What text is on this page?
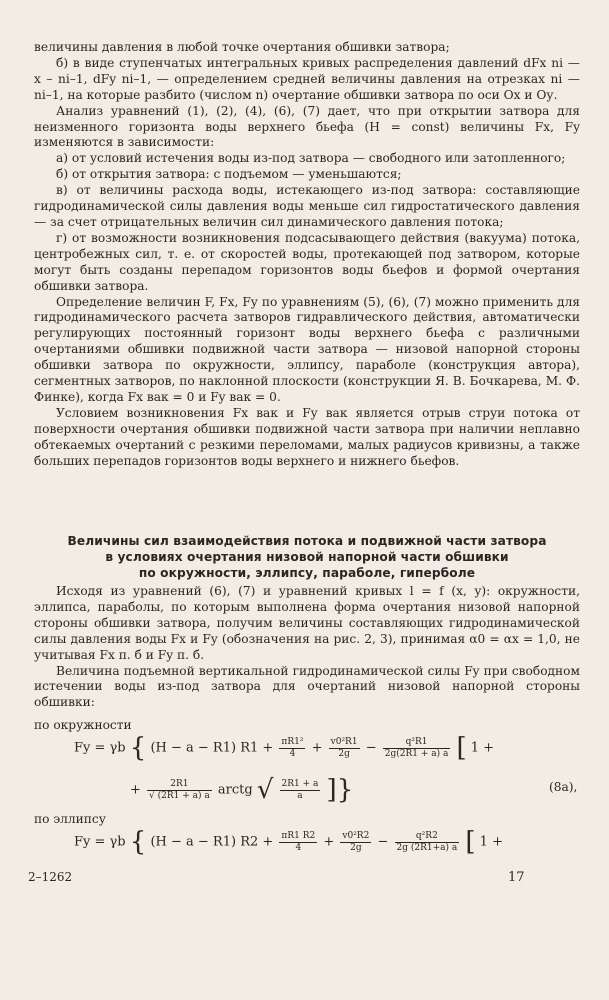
величины давления в любой точке очертания обшивки затвора;

б) в виде ступенчатых интегральных кривых распределения давлений dFx ni — x – ni–1, dFy ni–1, — определением средней величины давления на отрезках ni — ni–1, на которые разбито (числом n) очертание обшивки затвора по оси Ох и Оу.

Анализ уравнений (1), (2), (4), (6), (7) дает, что при открытии затвора для неизменного горизонта воды верхнего бьефа (H = const) величины Fx, Fy изменяются в зависимости:

а) от условий истечения воды из-под затвора — свободного или затопленного;

б) от открытия затвора: с подъемом — уменьшаются;

в) от величины расхода воды, истекающего из-под затвора: составляющие гидродинамической силы давления воды меньше сил гидростатического давления — за счет отрицательных величин сил динамического давления потока;

г) от возможности возникновения подсасывающего действия (вакуума) потока, центробежных сил, т. е. от скоростей воды, протекающей под затвором, которые могут быть созданы перепадом горизонтов воды бьефов и формой очертания обшивки затвора.

Определение величин F, Fx, Fy по уравнениям (5), (6), (7) можно применить для гидродинамического расчета затворов гидравлического действия, автоматически регулирующих постоянный горизонт воды верхнего бьефа с различными очертаниями обшивки подвижной части затвора — низовой напорной стороны обшивки затвора по окружности, эллипсу, параболе (конструкция автора), сегментных затворов, по наклонной плоскости (конструкции Я. В. Бочкарева, М. Ф. Финке), когда Fx вак = 0 и Fy вак = 0.

Условием возникновения Fx вак и Fy вак является отрыв струи потока от поверхности очертания обшивки подвижной части затвора при наличии неплавно обтекаемых очертаний с резкими переломами, малых радиусов кривизны, а также больших перепадов горизонтов воды верхнего и нижнего бьефов.

Величины сил взаимодействия потока и подвижной части затвора
в условиях очертания низовой напорной части обшивки
по окружности, эллипсу, параболе, гиперболе

Исходя из уравнений (6), (7) и уравнений кривых l = f (x, y): окружности, эллипса, параболы, по которым выполнена форма очертания низовой напорной стороны обшивки затвора, получим величины составляющих гидродинамической силы давления воды Fx и Fy (обозначения на рис. 2, 3), принимая α0 = αx = 1,0, не учитывая Fx п. б и Fy п. б.

Величина подъемной вертикальной гидродинамической силы Fy при свободном истечении воды из-под затвора для очертаний низовой напорной стороны обшивки:

по окружности
Fy = γb { (H − a − R1) $R1 + \frac{\text{πR1²}}{4} + \frac{\text{v0²R1}}{2g} - \frac{\text{q²R1}}{2g(2R1 + a) a}$ [ 1 +
+ $\frac{2R1}{√ (2R1 + a) a}$ arctg √ $\frac{2R1 + a}{a}$ ]}	(8a),
по эллипсу
Fy = γb { (H − a − R1) $R2 + \frac{\pi R1 R2}{4} + \frac{\text{v0²R2}}{2g} - \frac{\text{q²R2}}{2g (2R1+a) a}$ [ 1 +
2–1262	17
